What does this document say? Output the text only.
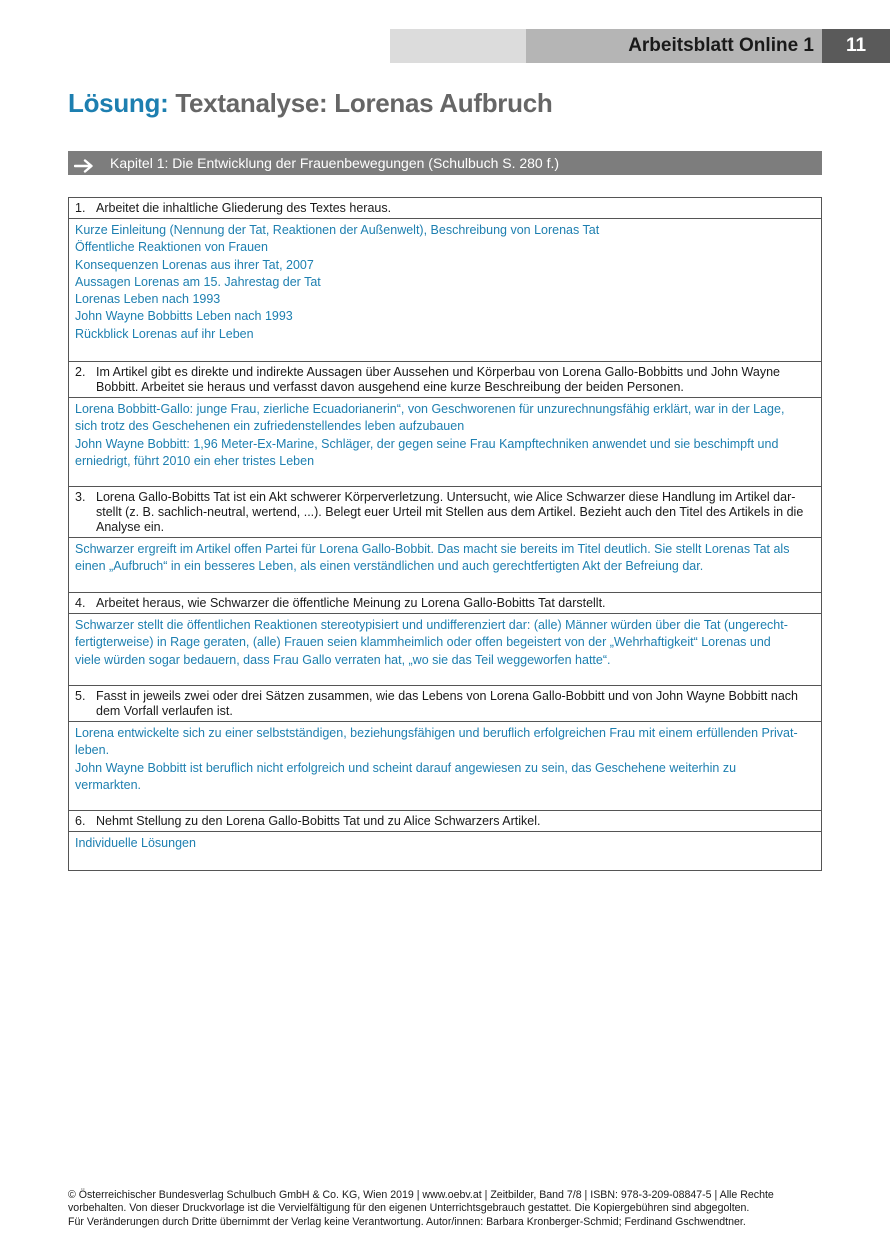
Arbeitsblatt Online 1 11
Lösung: Textanalyse: Lorenas Aufbruch
Kapitel 1: Die Entwicklung der Frauenbewegungen (Schulbuch S. 280 f.)
1. Arbeitet die inhaltliche Gliederung des Textes heraus.
Kurze Einleitung (Nennung der Tat, Reaktionen der Außenwelt), Beschreibung von Lorenas Tat
Öffentliche Reaktionen von Frauen
Konsequenzen Lorenas aus ihrer Tat, 2007
Aussagen Lorenas am 15. Jahrestag der Tat
Lorenas Leben nach 1993
John Wayne Bobbitts Leben nach 1993
Rückblick Lorenas auf ihr Leben
2. Im Artikel gibt es direkte und indirekte Aussagen über Aussehen und Körperbau von Lorena Gallo-Bobbitts und John Wayne Bobbitt. Arbeitet sie heraus und verfasst davon ausgehend eine kurze Beschreibung der beiden Personen.
Lorena Bobbitt-Gallo: junge Frau, zierliche Ecuadorianerin“, von Geschworenen für unzurechnungsfähig erklärt, war in der Lage,
sich trotz des Geschehenen ein zufriedenstellendes leben aufzubauen
John Wayne Bobbitt: 1,96 Meter-Ex-Marine, Schläger, der gegen seine Frau Kampftechniken anwendet und sie beschimpft und
erniedrigt, führt 2010 ein eher tristes Leben
3. Lorena Gallo-Bobitts Tat ist ein Akt schwerer Körperverletzung. Untersucht, wie Alice Schwarzer diese Handlung im Artikel darstellt (z. B. sachlich-neutral, wertend, ...). Belegt euer Urteil mit Stellen aus dem Artikel. Bezieht auch den Titel des Artikels in die Analyse ein.
Schwarzer ergreift im Artikel offen Partei für Lorena Gallo-Bobbit. Das macht sie bereits im Titel deutlich. Sie stellt Lorenas Tat als
einen „Aufbruch“ in ein besseres Leben, als einen verständlichen und auch gerechtfertigten Akt der Befreiung dar.
4. Arbeitet heraus, wie Schwarzer die öffentliche Meinung zu Lorena Gallo-Bobitts Tat darstellt.
Schwarzer stellt die öffentlichen Reaktionen stereotypisiert und undifferenziert dar: (alle) Männer würden über die Tat (ungerecht-
fertigterweise) in Rage geraten, (alle) Frauen seien klammheimlich oder offen begeistert von der „Wehrhaftigkeit“ Lorenas und
viele würden sogar bedauern, dass Frau Gallo verraten hat, „wo sie das Teil weggeworfen hatte“.
5. Fasst in jeweils zwei oder drei Sätzen zusammen, wie das Lebens von Lorena Gallo-Bobbitt und von John Wayne Bobbitt nach dem Vorfall verlaufen ist.
Lorena entwickelte sich zu einer selbstständigen, beziehungsfähigen und beruflich erfolgreichen Frau mit einem erfüllenden Privat-
leben.
John Wayne Bobbitt ist beruflich nicht erfolgreich und scheint darauf angewiesen zu sein, das Geschehene weiterhin zu
vermarkten.
6. Nehmt Stellung zu den Lorena Gallo-Bobitts Tat und zu Alice Schwarzers Artikel.
Individuelle Lösungen
© Österreichischer Bundesverlag Schulbuch GmbH & Co. KG, Wien 2019 | www.oebv.at | Zeitbilder, Band 7/8 | ISBN: 978-3-209-08847-5 | Alle Rechte
vorbehalten. Von dieser Druckvorlage ist die Vervielfältigung für den eigenen Unterrichtsgebrauch gestattet. Die Kopiergebühren sind abgegolten.
Für Veränderungen durch Dritte übernimmt der Verlag keine Verantwortung. Autor/innen: Barbara Kronberger-Schmid; Ferdinand Gschwendtner.
